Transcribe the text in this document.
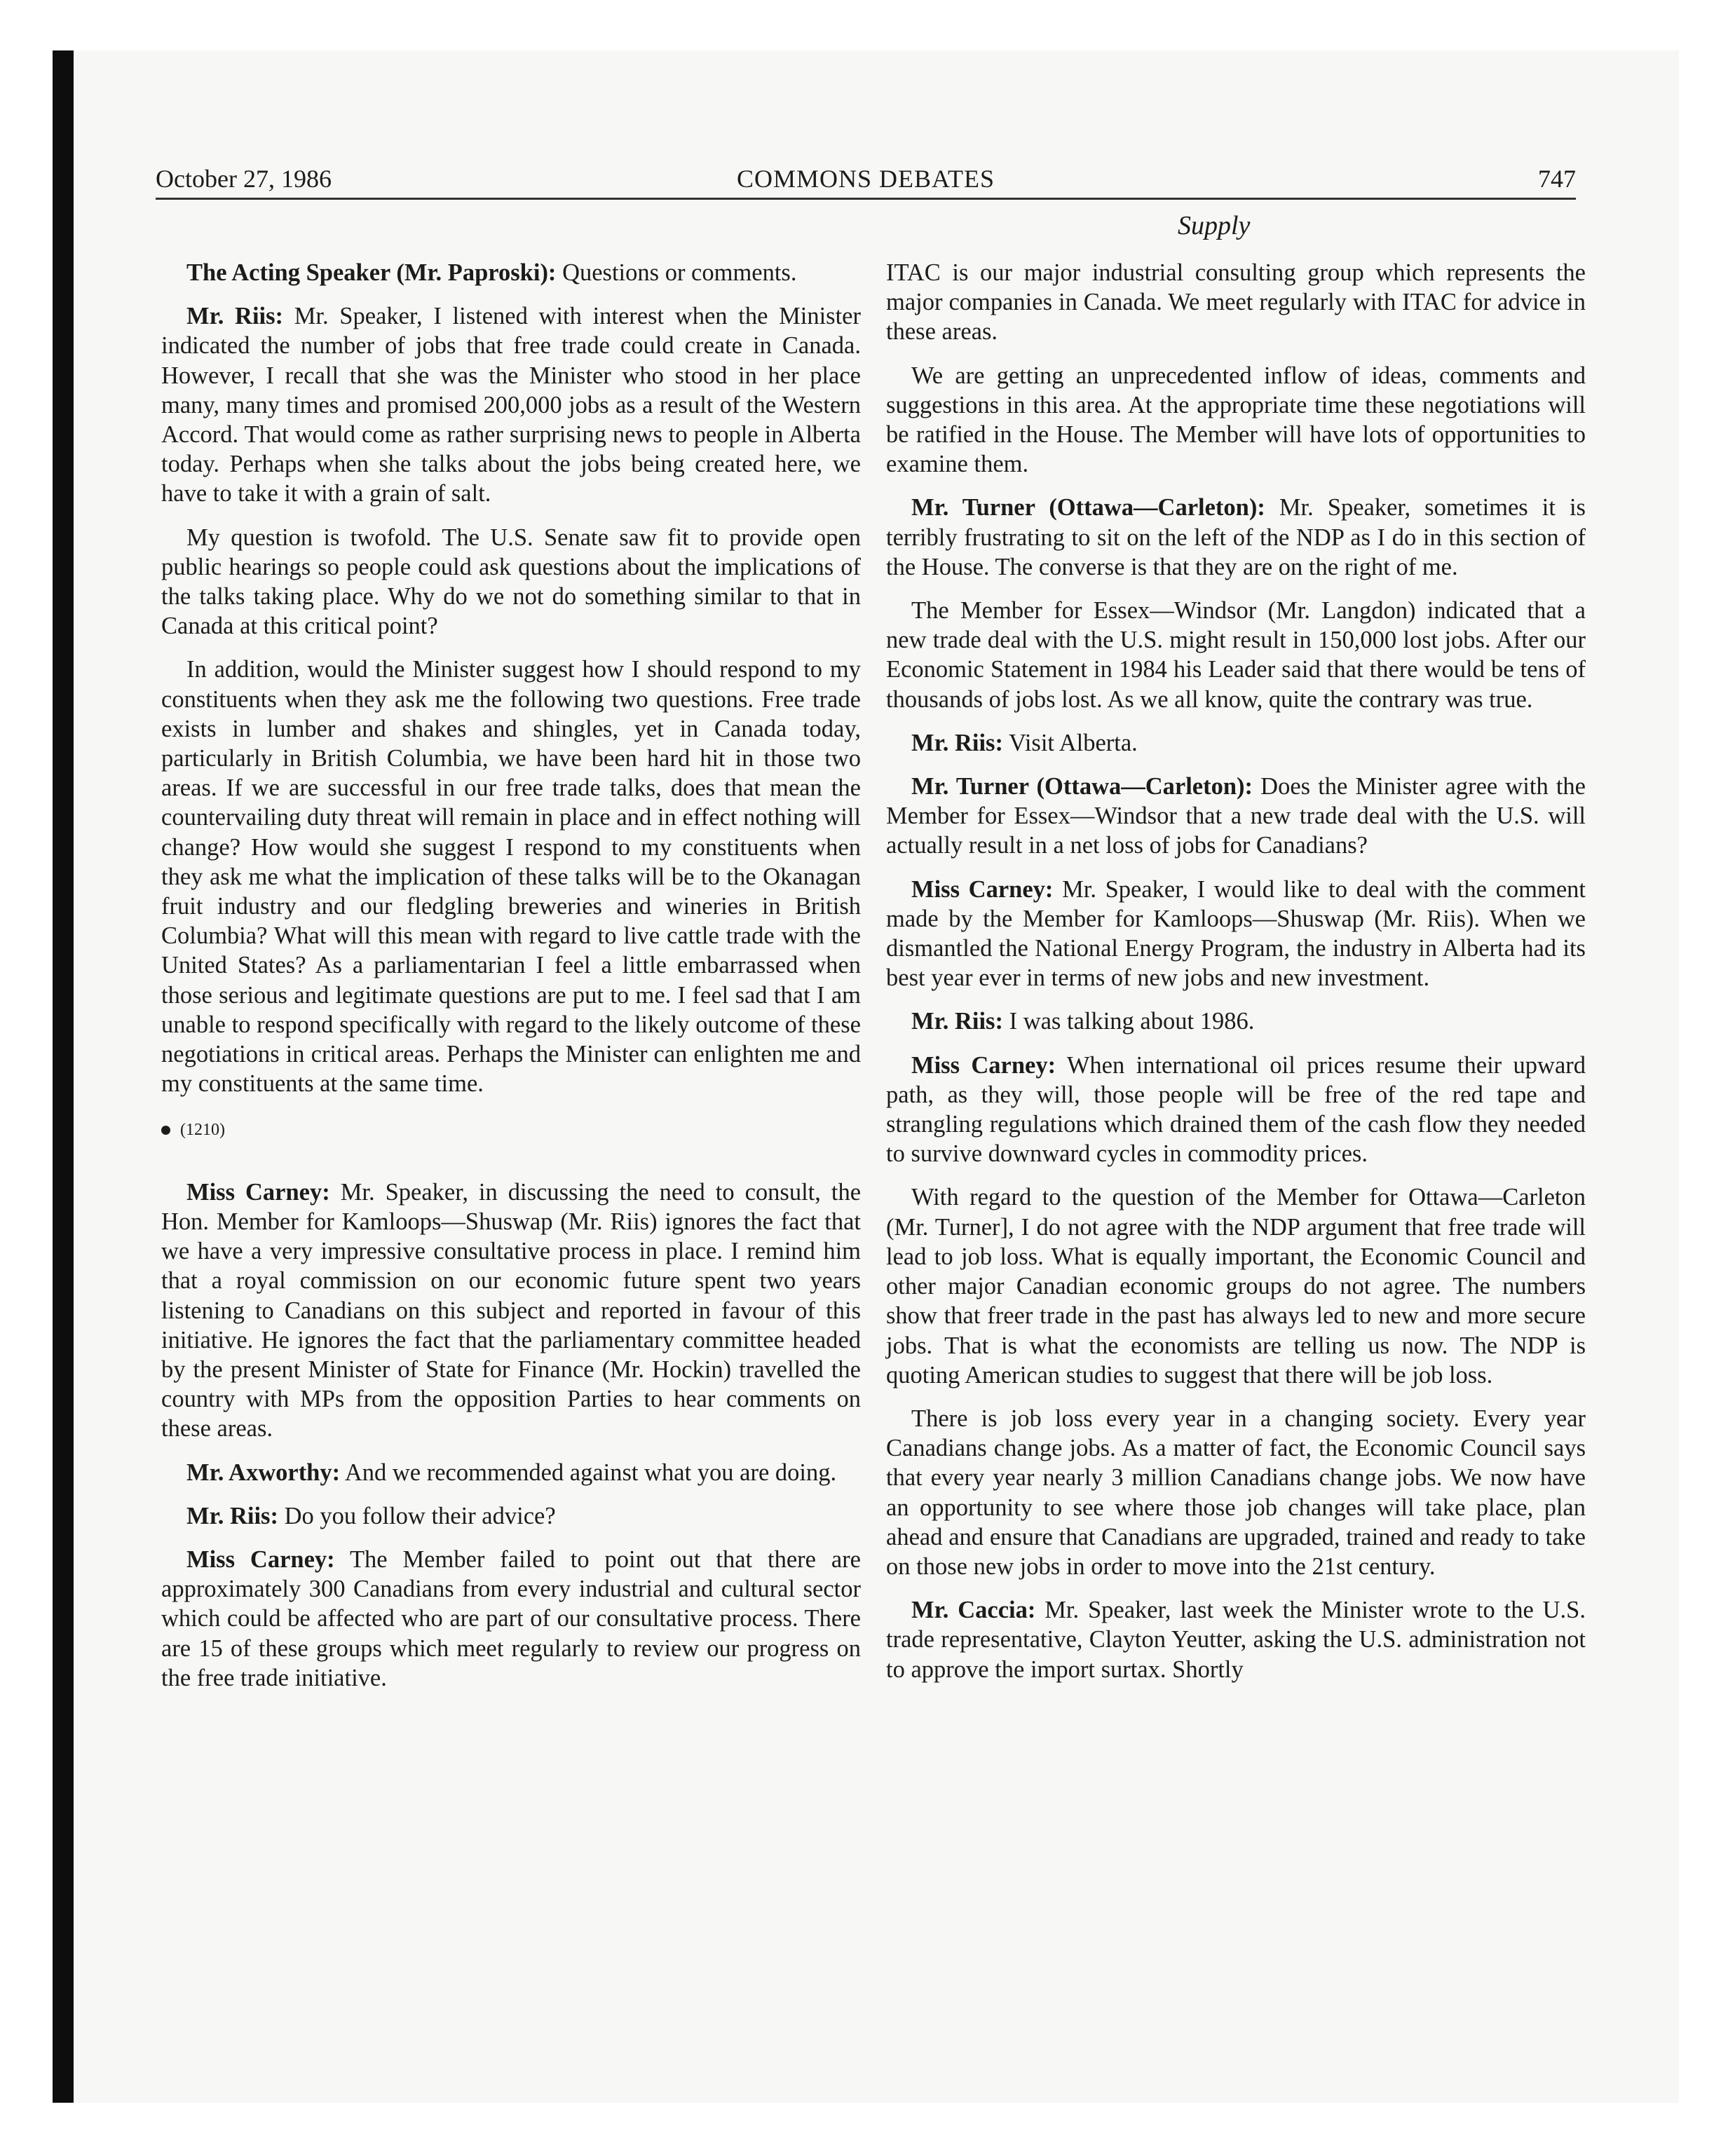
October 27, 1986	COMMONS DEBATES	747
Supply

The Acting Speaker (Mr. Paproski): Questions or comments.

Mr. Riis: Mr. Speaker, I listened with interest when the Minister indicated the number of jobs that free trade could create in Canada. However, I recall that she was the Minister who stood in her place many, many times and promised 200,000 jobs as a result of the Western Accord. That would come as rather surprising news to people in Alberta today. Perhaps when she talks about the jobs being created here, we have to take it with a grain of salt.

My question is twofold. The U.S. Senate saw fit to provide open public hearings so people could ask questions about the implications of the talks taking place. Why do we not do something similar to that in Canada at this critical point?

In addition, would the Minister suggest how I should respond to my constituents when they ask me the following two questions. Free trade exists in lumber and shakes and shingles, yet in Canada today, particularly in British Columbia, we have been hard hit in those two areas. If we are successful in our free trade talks, does that mean the countervailing duty threat will remain in place and in effect nothing will change? How would she suggest I respond to my constituents when they ask me what the implication of these talks will be to the Okanagan fruit industry and our fledgling breweries and wineries in British Columbia? What will this mean with regard to live cattle trade with the United States? As a parliamentarian I feel a little embarrassed when those serious and legitimate questions are put to me. I feel sad that I am unable to respond specifically with regard to the likely outcome of these negotiations in critical areas. Perhaps the Minister can enlighten me and my constituents at the same time.

(1210)

Miss Carney: Mr. Speaker, in discussing the need to consult, the Hon. Member for Kamloops—Shuswap (Mr. Riis) ignores the fact that we have a very impressive consultative process in place. I remind him that a royal commission on our economic future spent two years listening to Canadians on this subject and reported in favour of this initiative. He ignores the fact that the parliamentary committee headed by the present Minister of State for Finance (Mr. Hockin) travelled the country with MPs from the opposition Parties to hear comments on these areas.

Mr. Axworthy: And we recommended against what you are doing.

Mr. Riis: Do you follow their advice?

Miss Carney: The Member failed to point out that there are approximately 300 Canadians from every industrial and cultural sector which could be affected who are part of our consultative process. There are 15 of these groups which meet regularly to review our progress on the free trade initiative.

ITAC is our major industrial consulting group which represents the major companies in Canada. We meet regularly with ITAC for advice in these areas.

We are getting an unprecedented inflow of ideas, comments and suggestions in this area. At the appropriate time these negotiations will be ratified in the House. The Member will have lots of opportunities to examine them.

Mr. Turner (Ottawa—Carleton): Mr. Speaker, sometimes it is terribly frustrating to sit on the left of the NDP as I do in this section of the House. The converse is that they are on the right of me.

The Member for Essex—Windsor (Mr. Langdon) indicated that a new trade deal with the U.S. might result in 150,000 lost jobs. After our Economic Statement in 1984 his Leader said that there would be tens of thousands of jobs lost. As we all know, quite the contrary was true.

Mr. Riis: Visit Alberta.

Mr. Turner (Ottawa—Carleton): Does the Minister agree with the Member for Essex—Windsor that a new trade deal with the U.S. will actually result in a net loss of jobs for Canadians?

Miss Carney: Mr. Speaker, I would like to deal with the comment made by the Member for Kamloops—Shuswap (Mr. Riis). When we dismantled the National Energy Program, the industry in Alberta had its best year ever in terms of new jobs and new investment.

Mr. Riis: I was talking about 1986.

Miss Carney: When international oil prices resume their upward path, as they will, those people will be free of the red tape and strangling regulations which drained them of the cash flow they needed to survive downward cycles in commodity prices.

With regard to the question of the Member for Ottawa—Carleton (Mr. Turner], I do not agree with the NDP argument that free trade will lead to job loss. What is equally important, the Economic Council and other major Canadian economic groups do not agree. The numbers show that freer trade in the past has always led to new and more secure jobs. That is what the economists are telling us now. The NDP is quoting American studies to suggest that there will be job loss.

There is job loss every year in a changing society. Every year Canadians change jobs. As a matter of fact, the Economic Council says that every year nearly 3 million Canadians change jobs. We now have an opportunity to see where those job changes will take place, plan ahead and ensure that Canadians are upgraded, trained and ready to take on those new jobs in order to move into the 21st century.

Mr. Caccia: Mr. Speaker, last week the Minister wrote to the U.S. trade representative, Clayton Yeutter, asking the U.S. administration not to approve the import surtax. Shortly
